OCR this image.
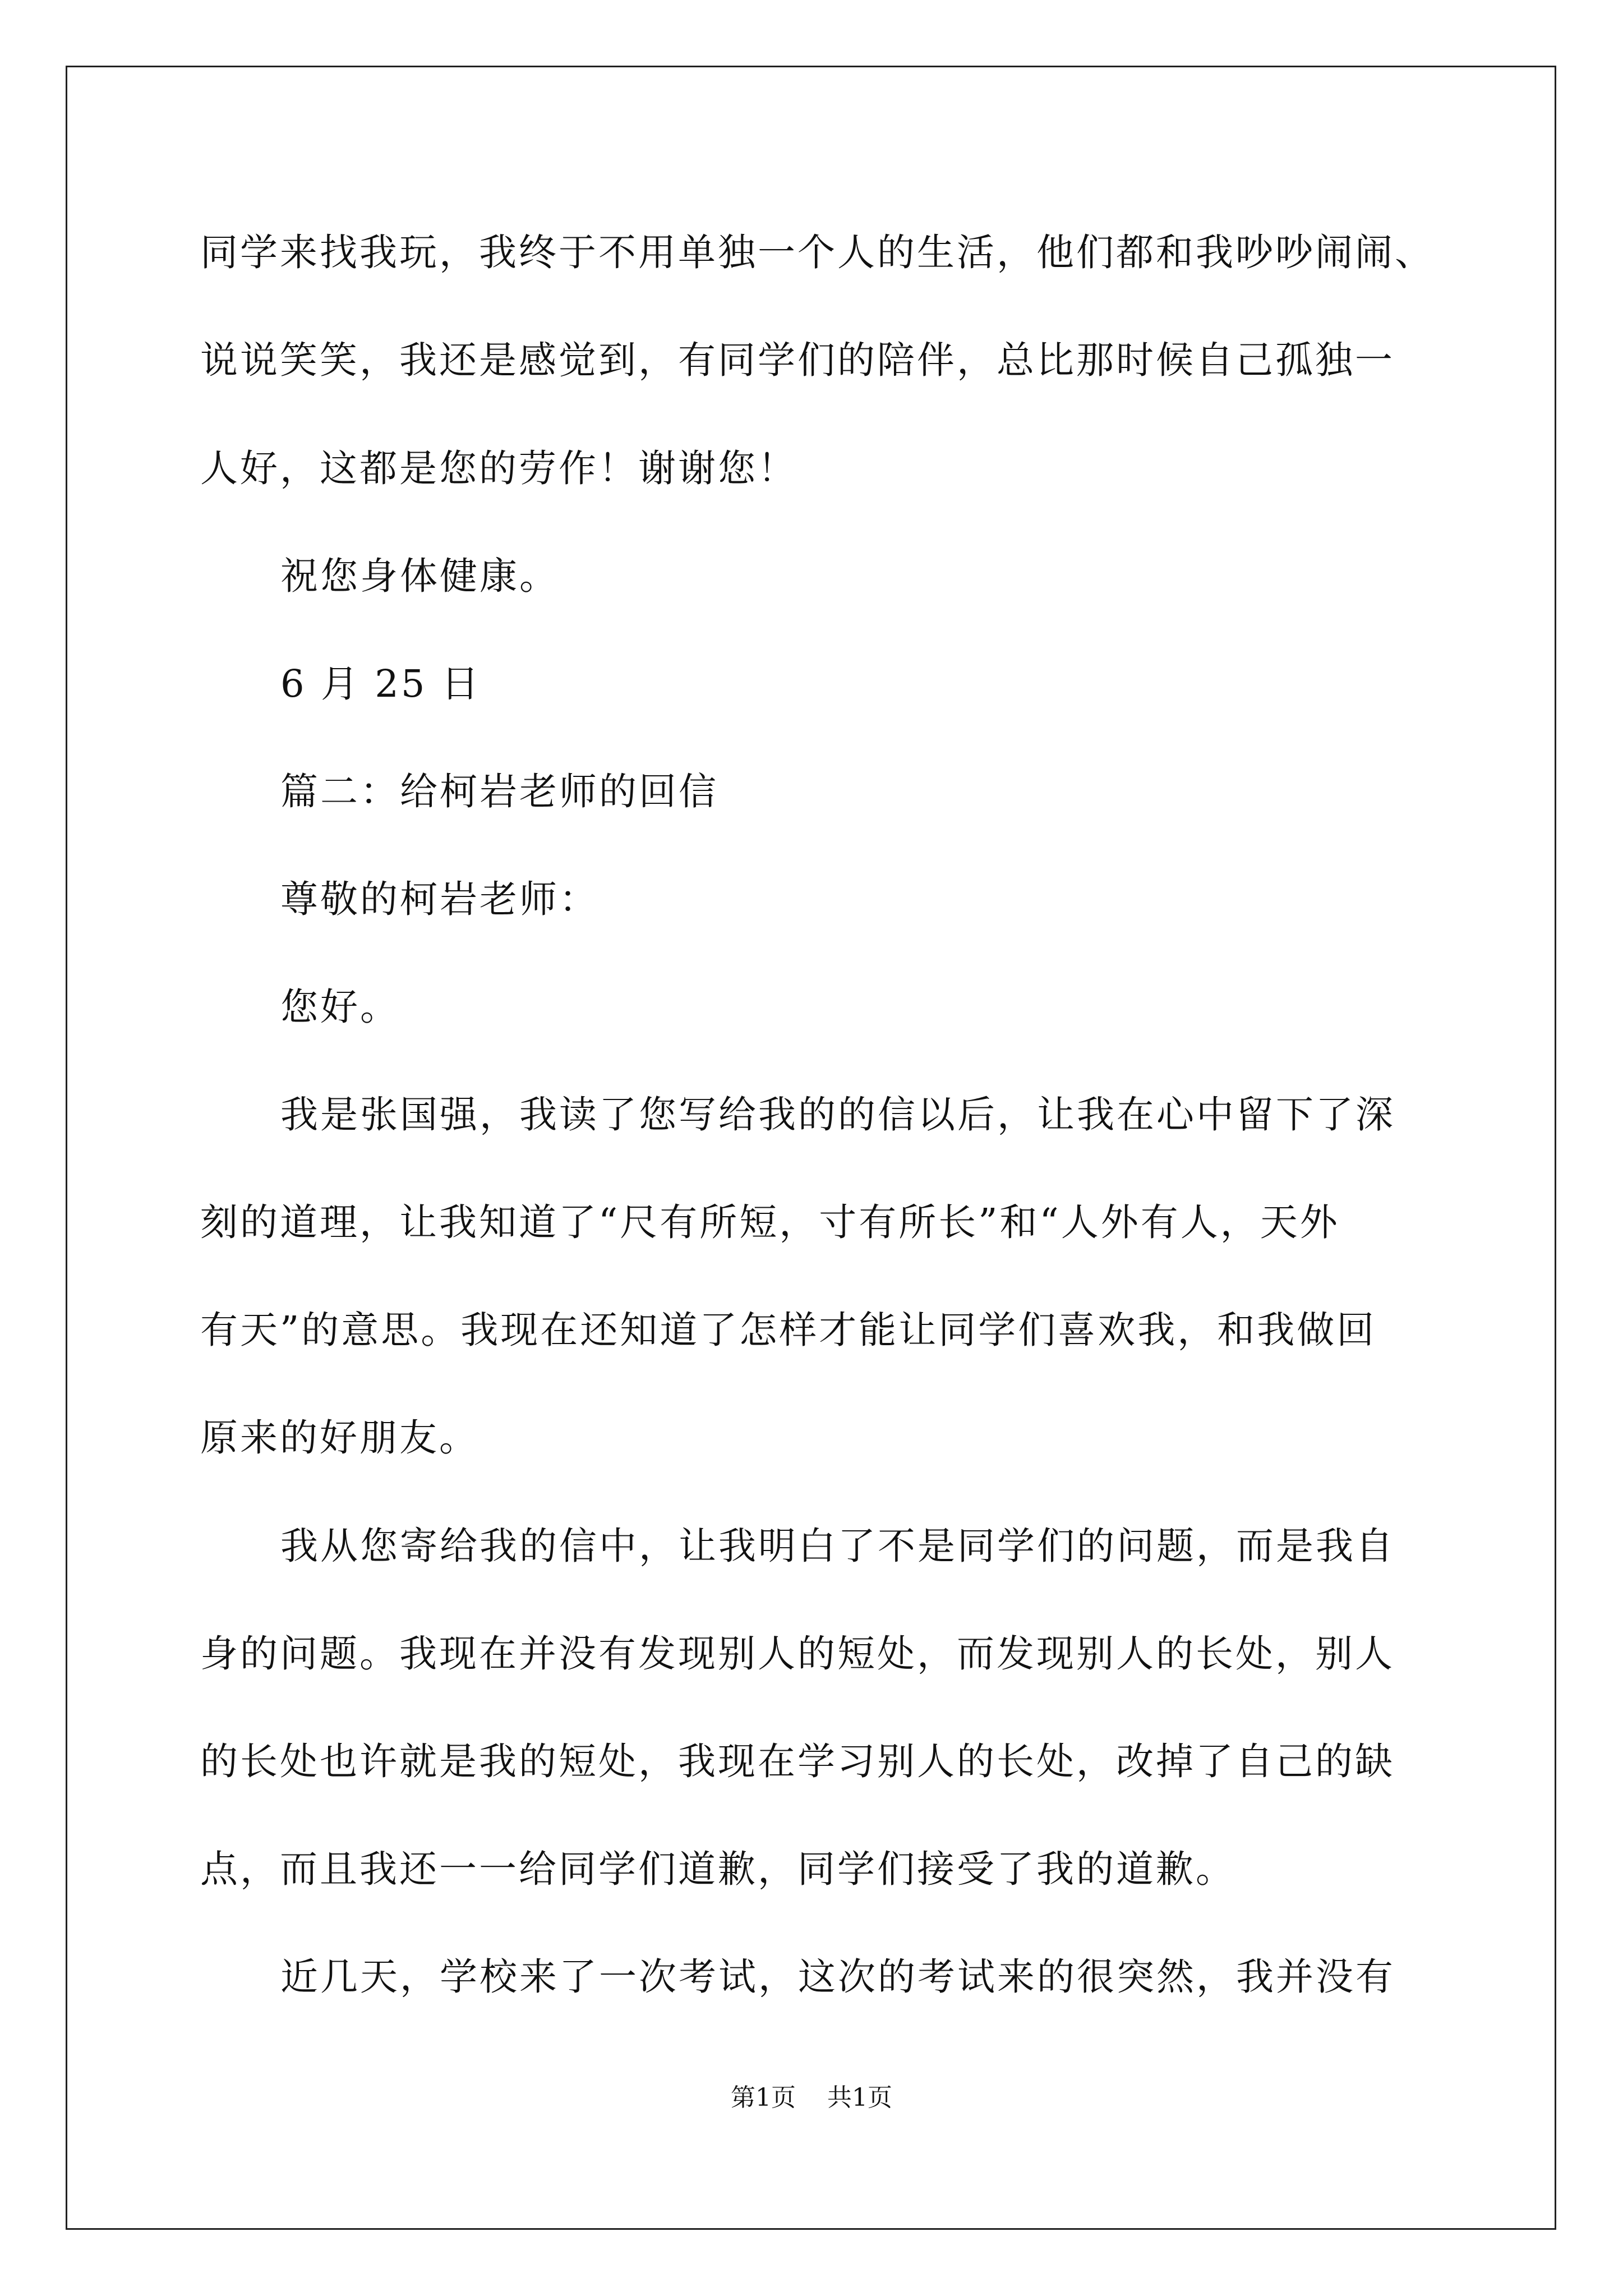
同学来找我玩，我终于不用单独一个人的生活，他们都和我吵吵闹闹、
说说笑笑，我还是感觉到，有同学们的陪伴，总比那时候自己孤独一
人好，这都是您的劳作！谢谢您！
祝您身体健康。
6 月 25 日
篇二：给柯岩老师的回信
尊敬的柯岩老师：
您好。
我是张国强，我读了您写给我的的信以后，让我在心中留下了深
刻的道理，让我知道了“尺有所短，寸有所长”和“人外有人，天外
有天”的意思。我现在还知道了怎样才能让同学们喜欢我，和我做回
原来的好朋友。
我从您寄给我的信中，让我明白了不是同学们的问题，而是我自
身的问题。我现在并没有发现别人的短处，而发现别人的长处，别人
的长处也许就是我的短处，我现在学习别人的长处，改掉了自己的缺
点，而且我还一一给同学们道歉，同学们接受了我的道歉。
近几天，学校来了一次考试，这次的考试来的很突然，我并没有
第1页    共1页
